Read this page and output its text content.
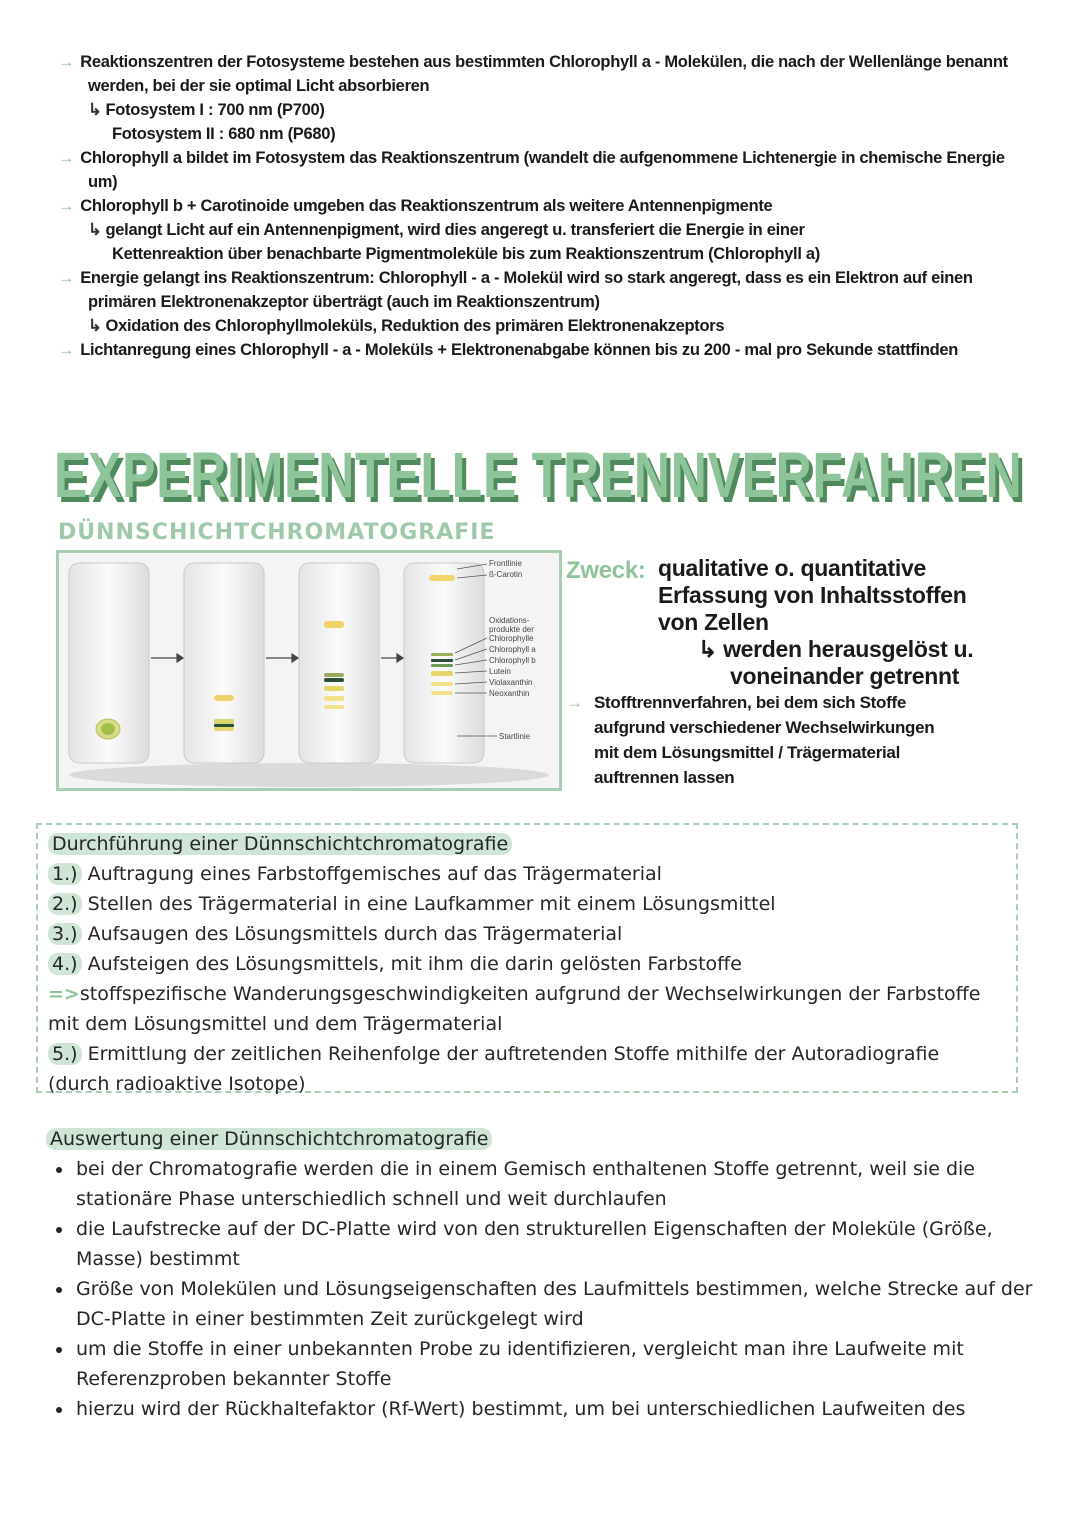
→ Reaktionszentren der Fotosysteme bestehen aus bestimmten Chlorophyll a - Molekülen, die nach der Wellenlänge benannt werden, bei der sie optimal Licht absorbieren
↳ Fotosystem I : 700 nm (P700)
Fotosystem II : 680 nm (P680)
→ Chlorophyll a bildet im Fotosystem das Reaktionszentrum (wandelt die aufgenommene Lichtenergie in chemische Energie um)
→ Chlorophyll b + Carotinoide umgeben das Reaktionszentrum als weitere Antennenpigmente
↳ gelangt Licht auf ein Antennenpigment, wird dies angeregt u. transferiert die Energie in einer
Kettenreaktion über benachbarte Pigmentmoleküle bis zum Reaktionszentrum (Chlorophyll a)
→ Energie gelangt ins Reaktionszentrum: Chlorophyll - a - Molekül wird so stark angeregt, dass es ein Elektron auf einen primären Elektronenakzeptor überträgt (auch im Reaktionszentrum)
↳ Oxidation des Chlorophyllmoleküls, Reduktion des primären Elektronenakzeptors
→ Lichtanregung eines Chlorophyll - a - Moleküls + Elektronenabgabe können bis zu 200 - mal pro Sekunde stattfinden
EXPERIMENTELLE TRENNVERFAHREN
DÜNNSCHICHTCHROMATOGRAFIE
Frontlinie
ß-Carotin
Oxidations-
produkte der
Chlorophylle
Chlorophyll a
Chlorophyll b
Lutein
Violaxanthin
Neoxanthin
Startlinie
Zweck: qualitative o. quantitative
Erfassung von Inhaltsstoffen
von Zellen
↳ werden herausgelöst u.
voneinander getrennt
→ Stofftrennverfahren, bei dem sich Stoffe
aufgrund verschiedener Wechselwirkungen
mit dem Lösungsmittel / Trägermaterial
auftrennen lassen

Durchführung einer Dünnschichtchromatografie

1.) Auftragung eines Farbstoffgemisches auf das Trägermaterial

2.) Stellen des Trägermaterial in eine Laufkammer mit einem Lösungsmittel

3.) Aufsaugen des Lösungsmittels durch das Trägermaterial

4.) Aufsteigen des Lösungsmittels, mit ihm die darin gelösten Farbstoffe

=>stoffspezifische Wanderungsgeschwindigkeiten aufgrund der Wechselwirkungen der Farbstoffe mit dem Lösungsmittel und dem Trägermaterial

5.) Ermittlung der zeitlichen Reihenfolge der auftretenden Stoffe mithilfe der Autoradiografie (durch radioaktive Isotope)

Auswertung einer Dünnschichtchromatografie

• bei der Chromatografie werden die in einem Gemisch enthaltenen Stoffe getrennt, weil sie die stationäre Phase unterschiedlich schnell und weit durchlaufen
• die Laufstrecke auf der DC-Platte wird von den strukturellen Eigenschaften der Moleküle (Größe, Masse) bestimmt
• Größe von Molekülen und Lösungseigenschaften des Laufmittels bestimmen, welche Strecke auf der DC-Platte in einer bestimmten Zeit zurückgelegt wird
• um die Stoffe in einer unbekannten Probe zu identifizieren, vergleicht man ihre Laufweite mit Referenzproben bekannter Stoffe
• hierzu wird der Rückhaltefaktor (Rf-Wert) bestimmt, um bei unterschiedlichen Laufweiten des
